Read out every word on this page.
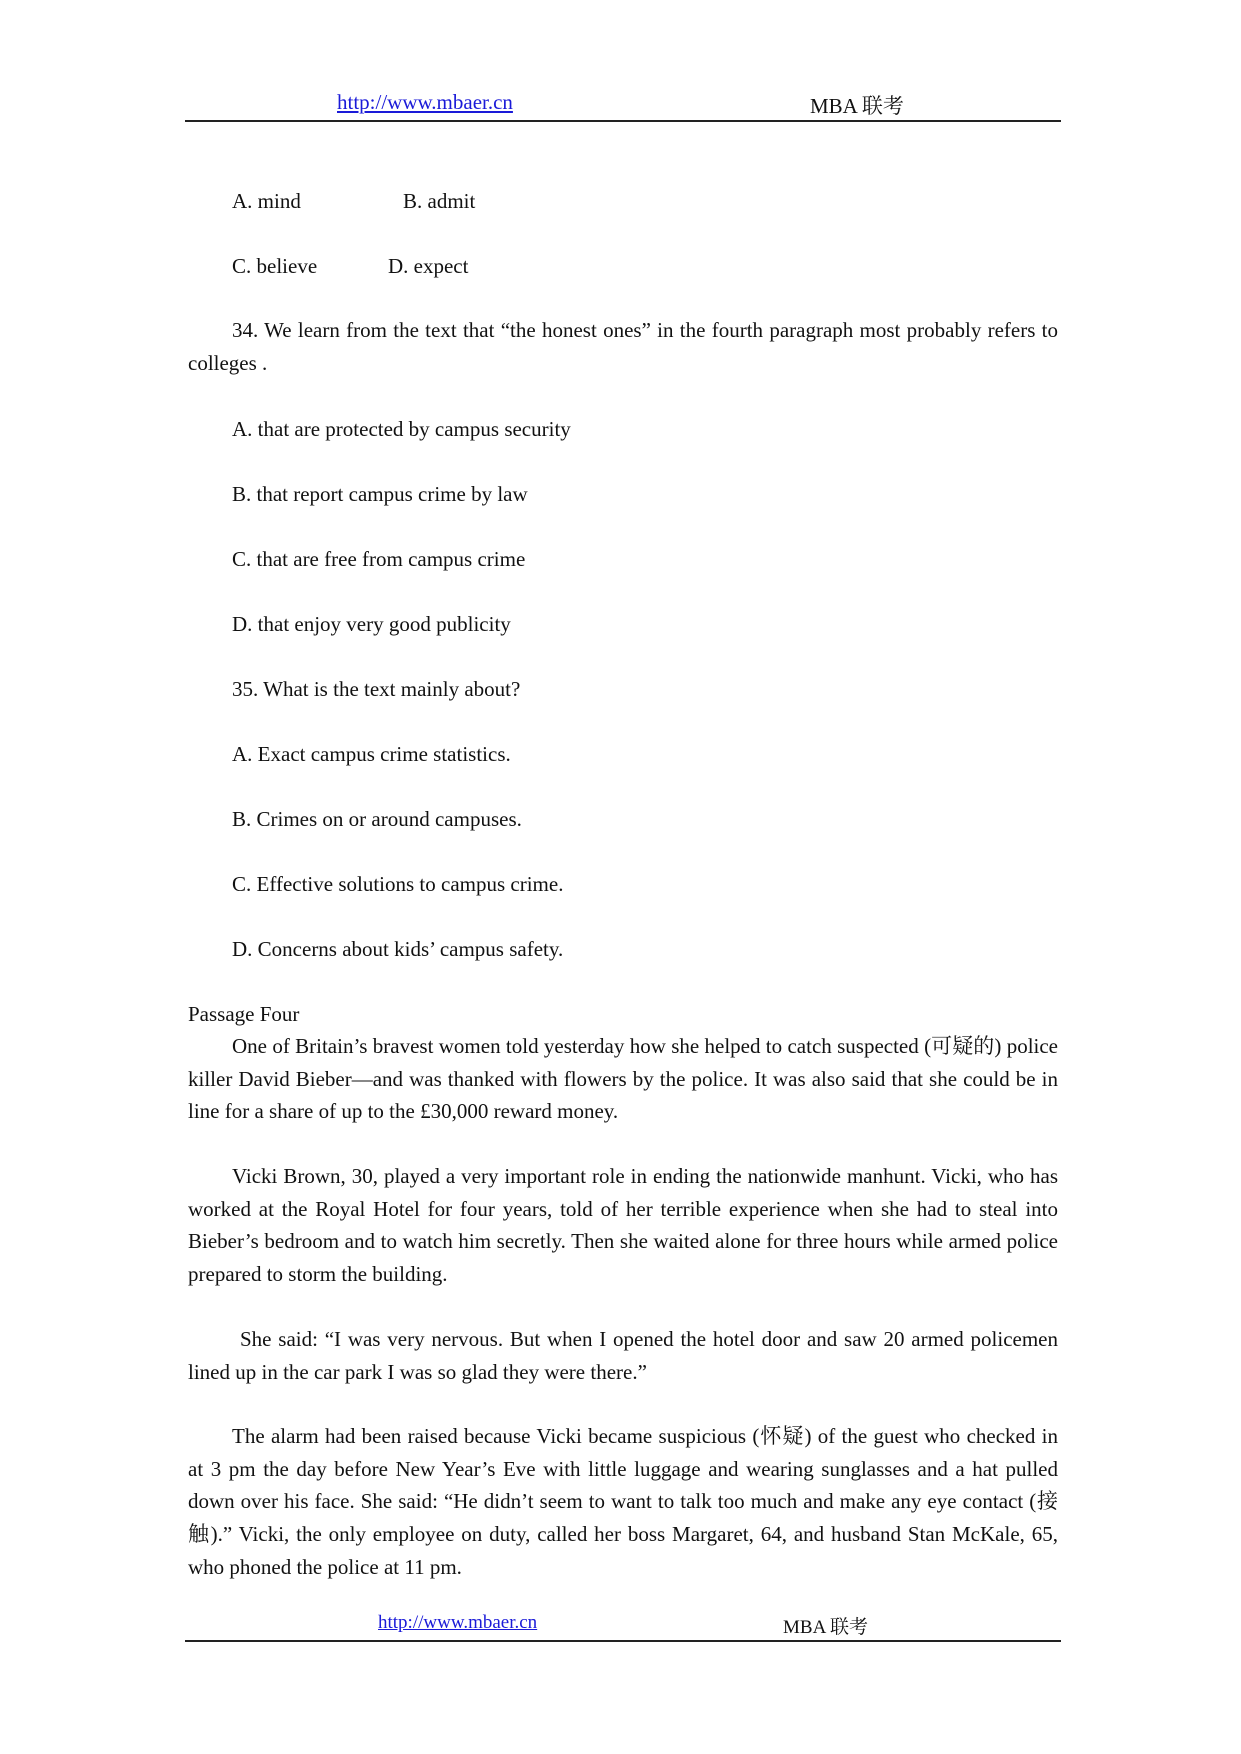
http://www.mbaer.cn	MBA 联考
A. mind	B. admit
C. believe	D. expect
34. We learn from the text that “the honest ones” in the fourth paragraph most probably refers to colleges .
A. that are protected by campus security
B. that report campus crime by law
C. that are free from campus crime
D. that enjoy very good publicity
35. What is the text mainly about?
A. Exact campus crime statistics.
B. Crimes on or around campuses.
C. Effective solutions to campus crime.
D. Concerns about kids’ campus safety.
Passage Four
One of Britain’s bravest women told yesterday how she helped to catch suspected (可疑的) police killer David Bieber—and was thanked with flowers by the police. It was also said that she could be in line for a share of up to the £30,000 reward money.
Vicki Brown, 30, played a very important role in ending the nationwide manhunt. Vicki, who has worked at the Royal Hotel for four years, told of her terrible experience when she had to steal into Bieber’s bedroom and to watch him secretly. Then she waited alone for three hours while armed police prepared to storm the building.
She said: “I was very nervous. But when I opened the hotel door and saw 20 armed policemen lined up in the car park I was so glad they were there.”
The alarm had been raised because Vicki became suspicious (怀疑) of the guest who checked in at 3 pm the day before New Year’s Eve with little luggage and wearing sunglasses and a hat pulled down over his face. She said: “He didn’t seem to want to talk too much and make any eye contact (接触).” Vicki, the only employee on duty, called her boss Margaret, 64, and husband Stan McKale, 65, who phoned the police at 11 pm.
http://www.mbaer.cn	MBA 联考
